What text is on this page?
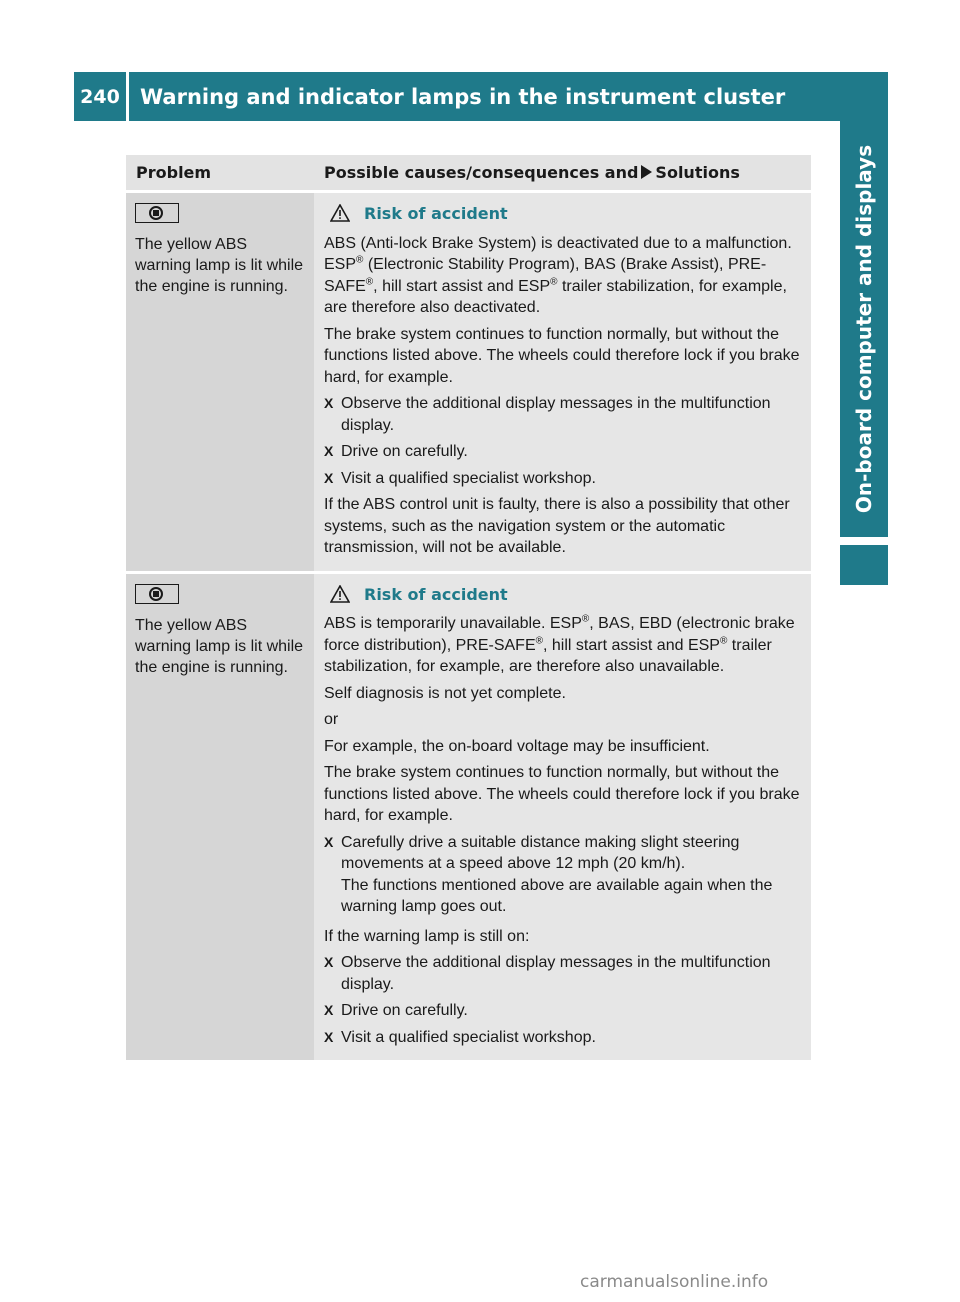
240 Warning and indicator lamps in the instrument cluster
On-board computer and displays
Problem	Possible causes/consequences and Solutions
The yellow ABS warning lamp is lit while the engine is running.
Risk of accident

ABS (Anti-lock Brake System) is deactivated due to a malfunction. ESP® (Electronic Stability Program), BAS (Brake Assist), PRE-SAFE®, hill start assist and ESP® trailer stabilization, for example, are therefore also deactivated.

The brake system continues to function normally, but without the functions listed above. The wheels could therefore lock if you brake hard, for example.

X Observe the additional display messages in the multifunction display.
X Drive on carefully.
X Visit a qualified specialist workshop.

If the ABS control unit is faulty, there is also a possibility that other systems, such as the navigation system or the automatic transmission, will not be available.

The yellow ABS warning lamp is lit while the engine is running.
Risk of accident

ABS is temporarily unavailable. ESP®, BAS, EBD (electronic brake force distribution), PRE-SAFE®, hill start assist and ESP® trailer stabilization, for example, are therefore also unavailable.

Self diagnosis is not yet complete.

or

For example, the on-board voltage may be insufficient.

The brake system continues to function normally, but without the functions listed above. The wheels could therefore lock if you brake hard, for example.

X Carefully drive a suitable distance making slight steering movements at a speed above 12 mph (20 km/h).
The functions mentioned above are available again when the warning lamp goes out.

If the warning lamp is still on:

X Observe the additional display messages in the multifunction display.
X Drive on carefully.
X Visit a qualified specialist workshop.
carmanualsonline.info
